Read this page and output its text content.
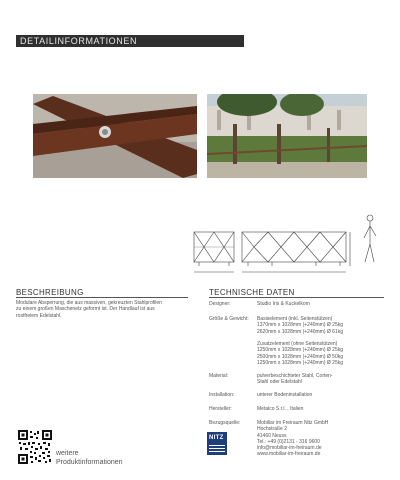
DETAILINFORMATIONEN
BESCHREIBUNG
Modulare Absperrung, die aus massiven, gekreuzten Stahlprofilen
zu einem großen Maschenetz geformt ist. Der Handlauf ist aus
rostfreiem Edelstahl.
TECHNISCHE DATEN
Designer:	Studio Iris & Kuckelkorn
Größe & Gewicht: Basiselement (inkl. Seitenstützen)
1370mm x 1028mm (+240mm) Ø 25kg
2620mm x 1028mm (+240mm) Ø 61kg
Zusatzelement (ohne Seitenstützen)
1250mm x 1028mm (+240mm) Ø 25kg
2500mm x 1028mm (+240mm) Ø 50kg
1250mm x 1028mm (+240mm) Ø 25kg
Material:	pulverbeschichteter Stahl, Corten-
Stahl oder Edelstahl
Installation:	unterer Bodeninstallation
Hersteller:	Metalco S.r.l. , Italien
Bezugsquelle:	Mobiliar im Freiraum Nitz GmbH
Hochstraße 2
41460 Neuss
Tel.: +49 (0)2131 - 316 9600
info@mobiliar-im-freiraum.de
www.mobiliar-im-freiraum.de
NITZ
weitere
Produktinformationen
